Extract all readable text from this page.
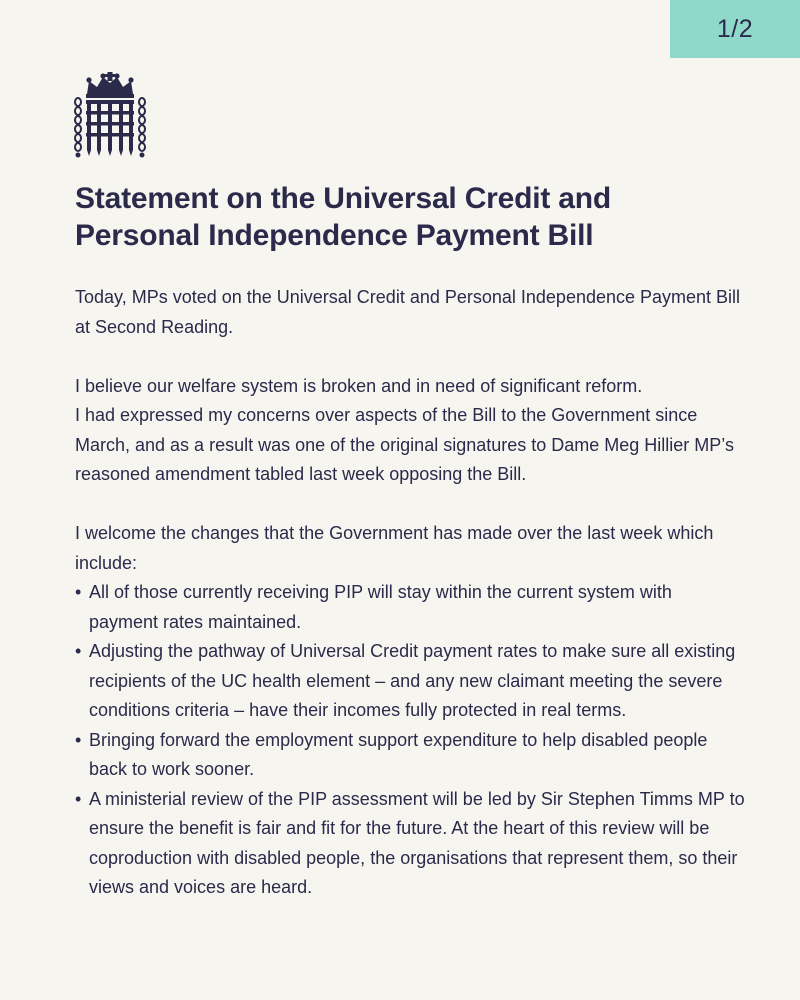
1/2
Statement on the Universal Credit and Personal Independence Payment Bill

Today, MPs voted on the Universal Credit and Personal Independence Payment Bill at Second Reading.

I believe our welfare system is broken and in need of significant reform.

I had expressed my concerns over aspects of the Bill to the Government since March, and as a result was one of the original signatures to Dame Meg Hillier MP’s reasoned amendment tabled last week opposing the Bill.

I welcome the changes that the Government has made over the last week which include:

• All of those currently receiving PIP will stay within the current system with payment rates maintained.
• Adjusting the pathway of Universal Credit payment rates to make sure all existing recipients of the UC health element – and any new claimant meeting the severe conditions criteria – have their incomes fully protected in real terms.
• Bringing forward the employment support expenditure to help disabled people back to work sooner.
• A ministerial review of the PIP assessment will be led by Sir Stephen Timms MP to ensure the benefit is fair and fit for the future. At the heart of this review will be coproduction with disabled people, the organisations that represent them, so their views and voices are heard.
